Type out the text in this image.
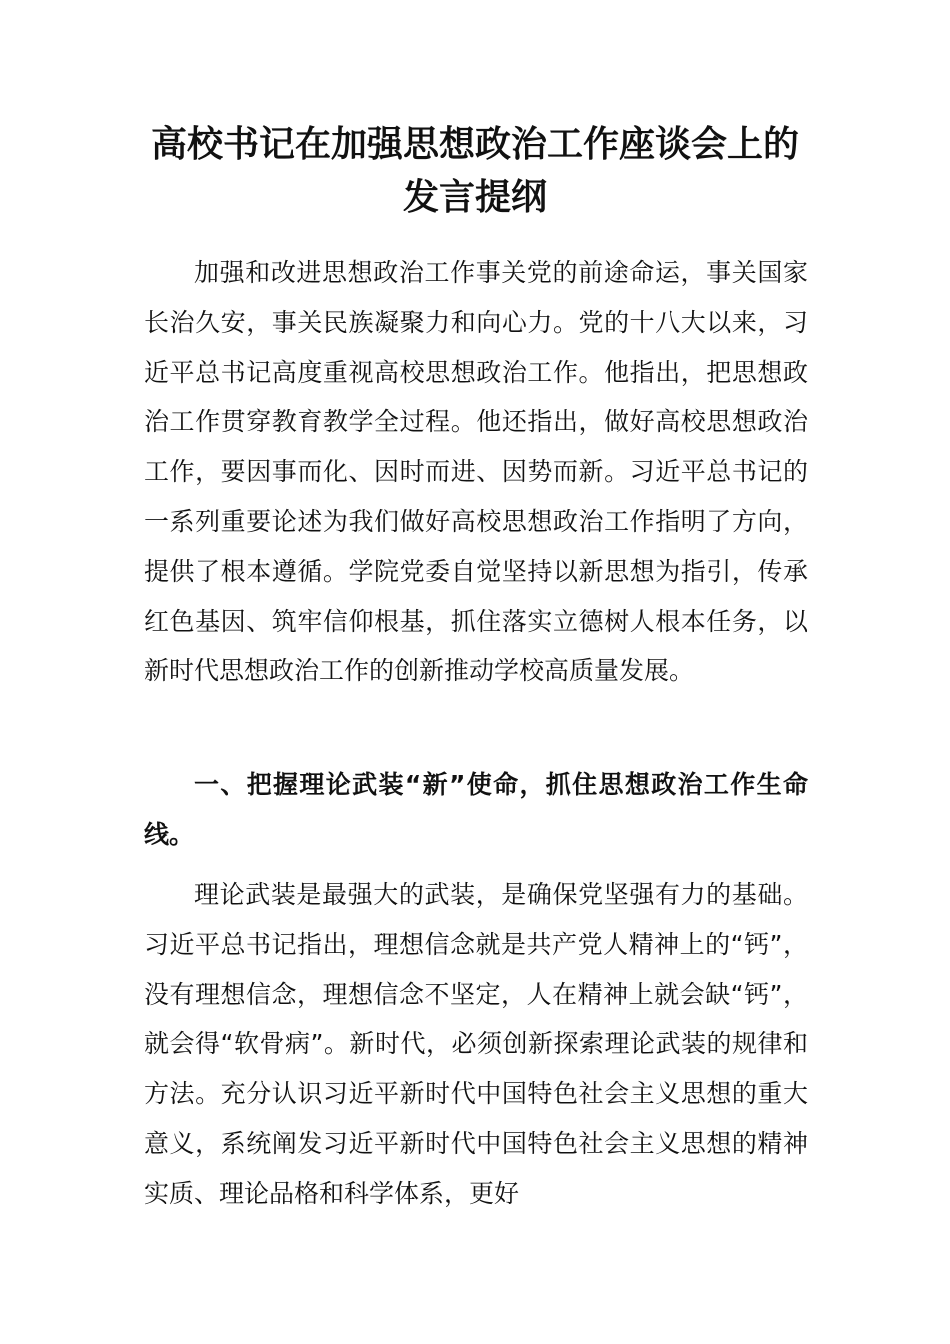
高校书记在加强思想政治工作座谈会上的

发言提纲

加强和改进思想政治工作事关党的前途命运，事关国家长治久安，事关民族凝聚力和向心力。党的十八大以来，习近平总书记高度重视高校思想政治工作。他指出，把思想政治工作贯穿教育教学全过程。他还指出，做好高校思想政治工作，要因事而化、因时而进、因势而新。习近平总书记的一系列重要论述为我们做好高校思想政治工作指明了方向，提供了根本遵循。学院党委自觉坚持以新思想为指引，传承红色基因、筑牢信仰根基，抓住落实立德树人根本任务，以新时代思想政治工作的创新推动学校高质量发展。

一、把握理论武装“新”使命，抓住思想政治工作生命线。

理论武装是最强大的武装，是确保党坚强有力的基础。习近平总书记指出，理想信念就是共产党人精神上的“钙”，没有理想信念，理想信念不坚定，人在精神上就会缺“钙”，就会得“软骨病”。新时代，必须创新探索理论武装的规律和方法。充分认识习近平新时代中国特色社会主义思想的重大意义，系统阐发习近平新时代中国特色社会主义思想的精神实质、理论品格和科学体系，更好
